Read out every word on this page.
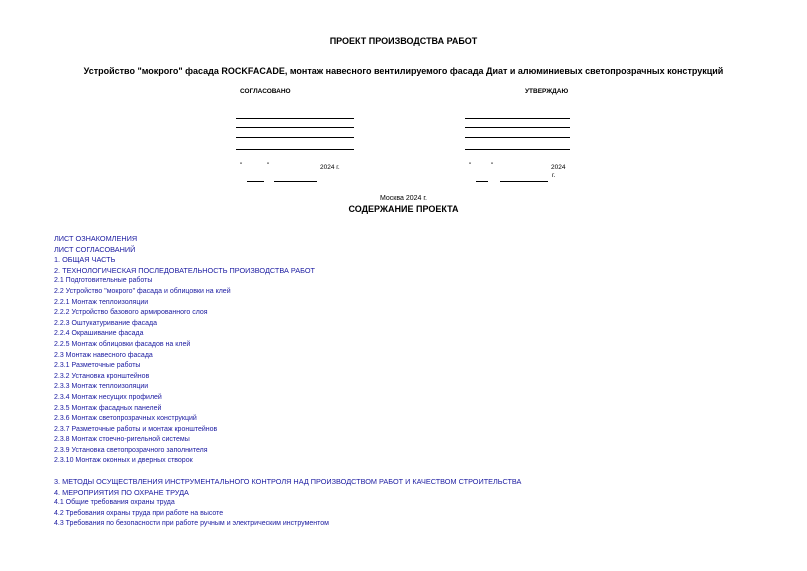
ПРОЕКТ ПРОИЗВОДСТВА РАБОТ
Устройство "мокрого" фасада ROCKFACADE, монтаж навесного вентилируемого фасада Диат и алюминиевых светопрозрачных конструкций
СОГЛАСОВАНО
"	"	2024 г.
УТВЕРЖДАЮ
"	"	2024
г.
Москва 2024 г.
СОДЕРЖАНИЕ ПРОЕКТА
ЛИСТ ОЗНАКОМЛЕНИЯ
ЛИСТ СОГЛАСОВАНИЙ
1. ОБЩАЯ ЧАСТЬ
2. ТЕХНОЛОГИЧЕСКАЯ ПОСЛЕДОВАТЕЛЬНОСТЬ ПРОИЗВОДСТВА РАБОТ
2.1 Подготовительные работы
2.2 Устройство "мокрого" фасада и облицовки на клей
2.2.1 Монтаж теплоизоляции
2.2.2 Устройство базового армированного слоя
2.2.3 Оштукатуривание фасада
2.2.4 Окрашивание фасада
2.2.5 Монтаж облицовки фасадов на клей
2.3 Монтаж навесного фасада
2.3.1 Разметочные работы
2.3.2 Установка кронштейнов
2.3.3 Монтаж теплоизоляции
2.3.4 Монтаж несущих профилей
2.3.5 Монтаж фасадных панелей
2.3.6 Монтаж светопрозрачных конструкций
2.3.7 Разметочные работы и монтаж кронштейнов
2.3.8 Монтаж стоечно-ригельной системы
2.3.9 Установка светопрозрачного заполнителя
2.3.10 Монтаж оконных и дверных створок
3. МЕТОДЫ ОСУЩЕСТВЛЕНИЯ ИНСТРУМЕНТАЛЬНОГО КОНТРОЛЯ НАД ПРОИЗВОДСТВОМ РАБОТ И КАЧЕСТВОМ СТРОИТЕЛЬСТВА
4. МЕРОПРИЯТИЯ ПО ОХРАНЕ ТРУДА
4.1 Общие требования охраны труда
4.2 Требования охраны труда при работе на высоте
4.3 Требования по безопасности при работе ручным и электрическим инструментом
